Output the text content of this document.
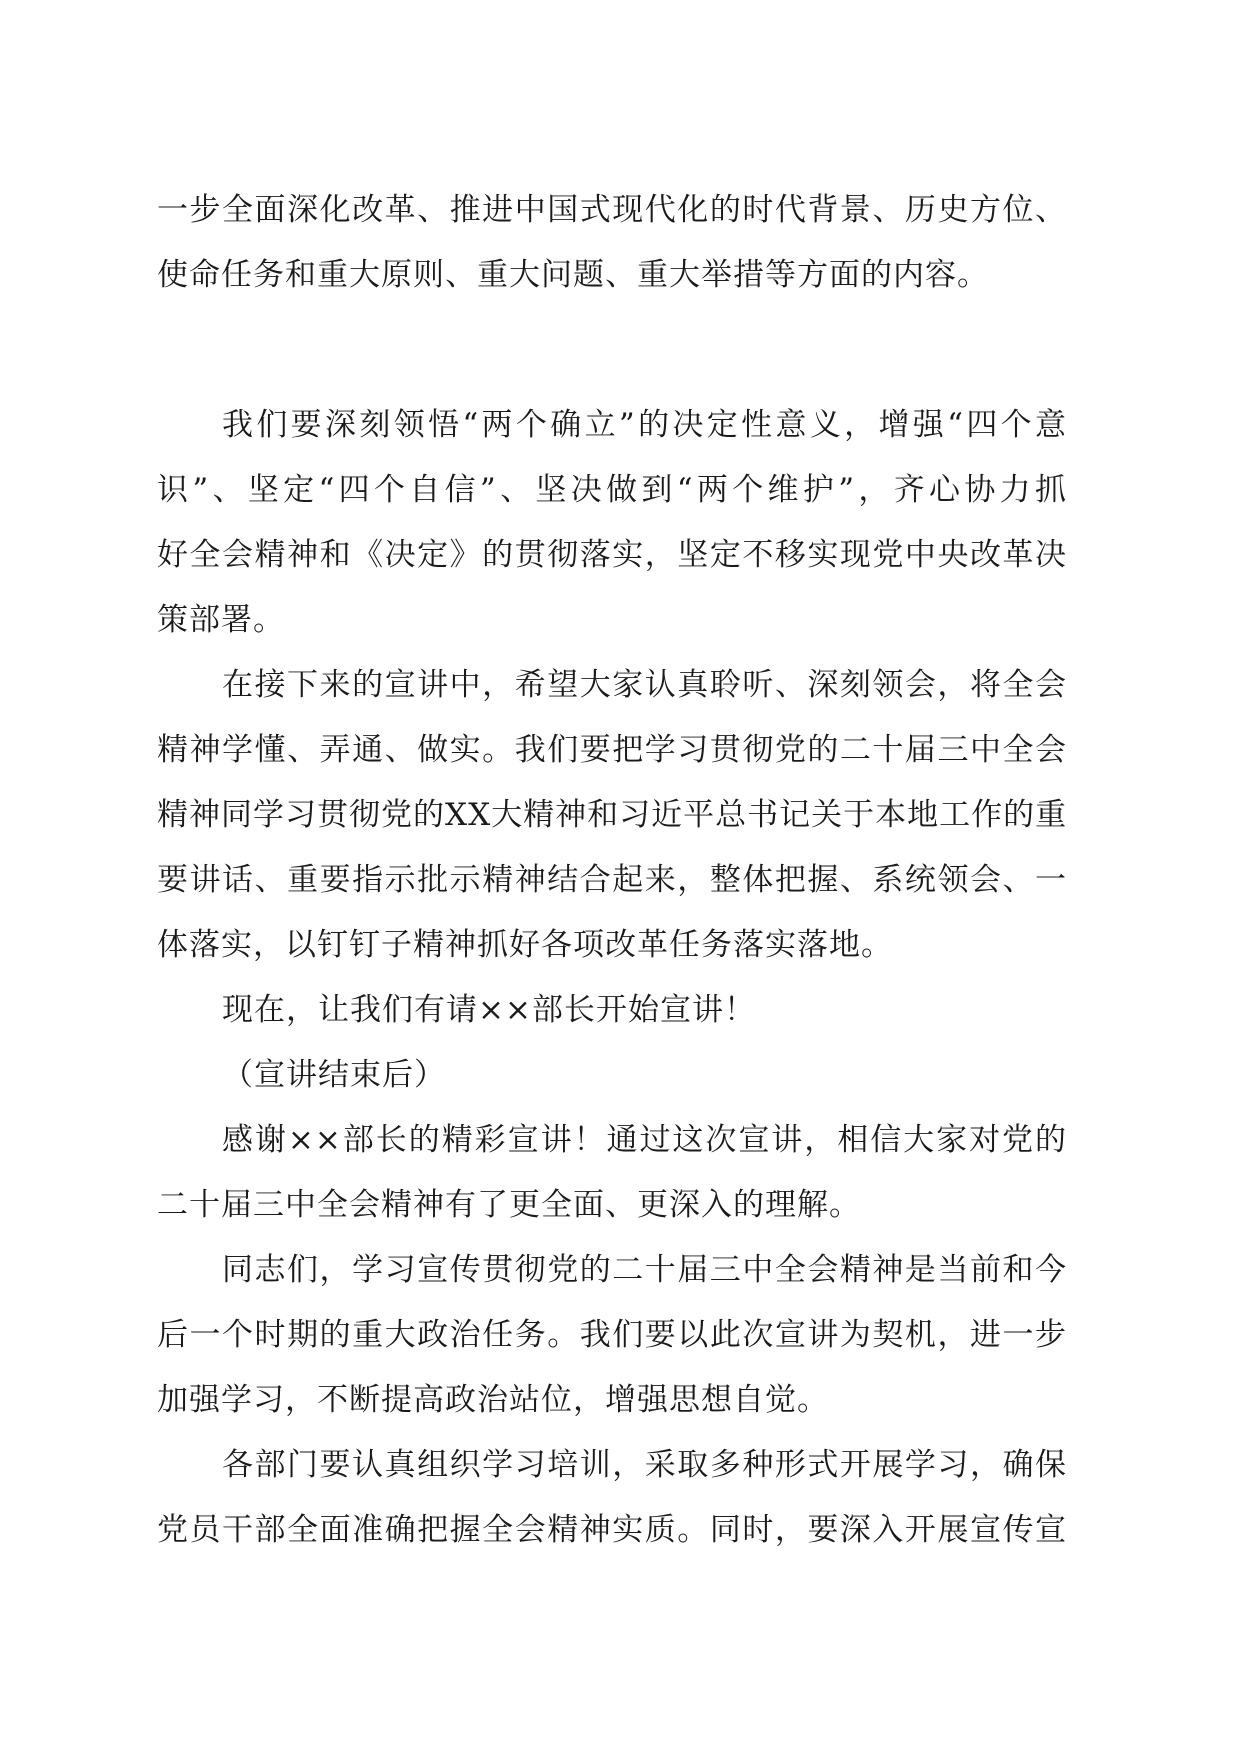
一步全面深化改革、推进中国式现代化的时代背景、历史方位、
使命任务和重大原则、重大问题、重大举措等方面的内容。
我们要深刻领悟“两个确立”的决定性意义，增强“四个意
识”、坚定“四个自信”、坚决做到“两个维护”，齐心协力抓
好全会精神和《决定》的贯彻落实，坚定不移实现党中央改革决
策部署。
在接下来的宣讲中，希望大家认真聆听、深刻领会，将全会
精神学懂、弄通、做实。我们要把学习贯彻党的二十届三中全会
精神同学习贯彻党的XX大精神和习近平总书记关于本地工作的重
要讲话、重要指示批示精神结合起来，整体把握、系统领会、一
体落实，以钉钉子精神抓好各项改革任务落实落地。
现在，让我们有请××部长开始宣讲！
（宣讲结束后）
感谢××部长的精彩宣讲！通过这次宣讲，相信大家对党的
二十届三中全会精神有了更全面、更深入的理解。
同志们，学习宣传贯彻党的二十届三中全会精神是当前和今
后一个时期的重大政治任务。我们要以此次宣讲为契机，进一步
加强学习，不断提高政治站位，增强思想自觉。
各部门要认真组织学习培训，采取多种形式开展学习，确保
党员干部全面准确把握全会精神实质。同时，要深入开展宣传宣
